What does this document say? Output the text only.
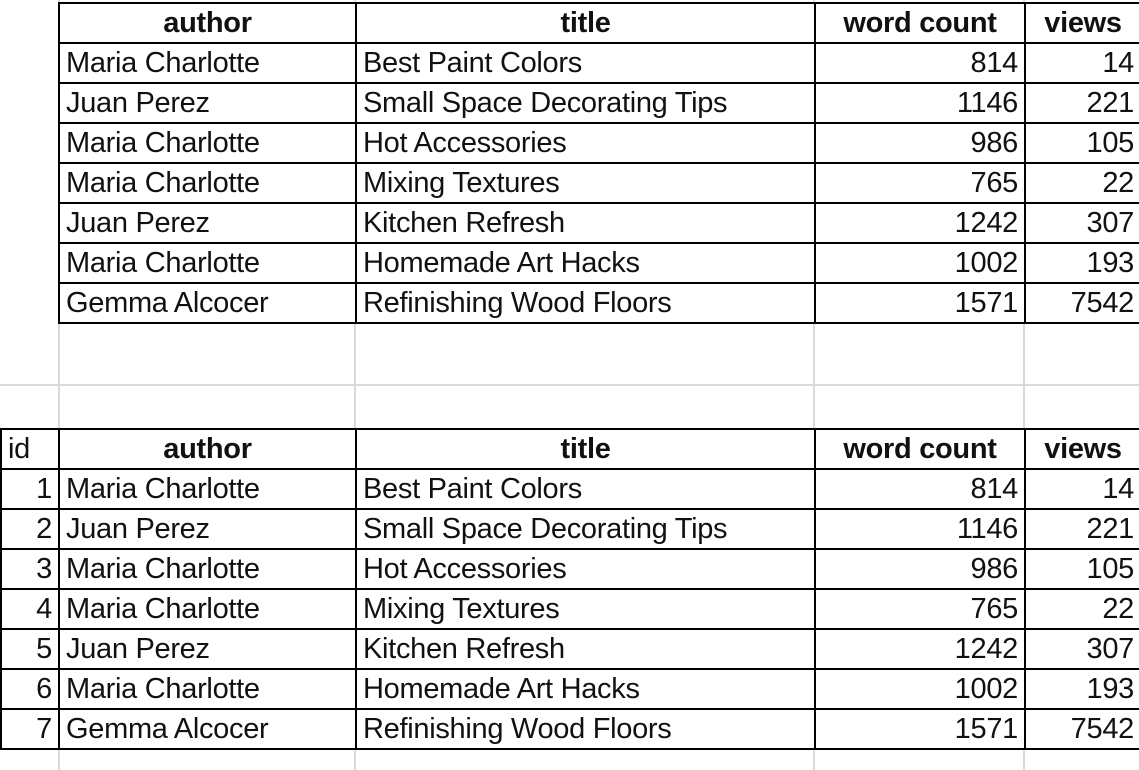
author	title	word count	views
Maria Charlotte	Best Paint Colors	814	14
Juan Perez	Small Space Decorating Tips	1146	221
Maria Charlotte	Hot Accessories	986	105
Maria Charlotte	Mixing Textures	765	22
Juan Perez	Kitchen Refresh	1242	307
Maria Charlotte	Homemade Art Hacks	1002	193
Gemma Alcocer	Refinishing Wood Floors	1571	7542
id	author	title	word count	views
1	Maria Charlotte	Best Paint Colors	814	14
2	Juan Perez	Small Space Decorating Tips	1146	221
3	Maria Charlotte	Hot Accessories	986	105
4	Maria Charlotte	Mixing Textures	765	22
5	Juan Perez	Kitchen Refresh	1242	307
6	Maria Charlotte	Homemade Art Hacks	1002	193
7	Gemma Alcocer	Refinishing Wood Floors	1571	7542
